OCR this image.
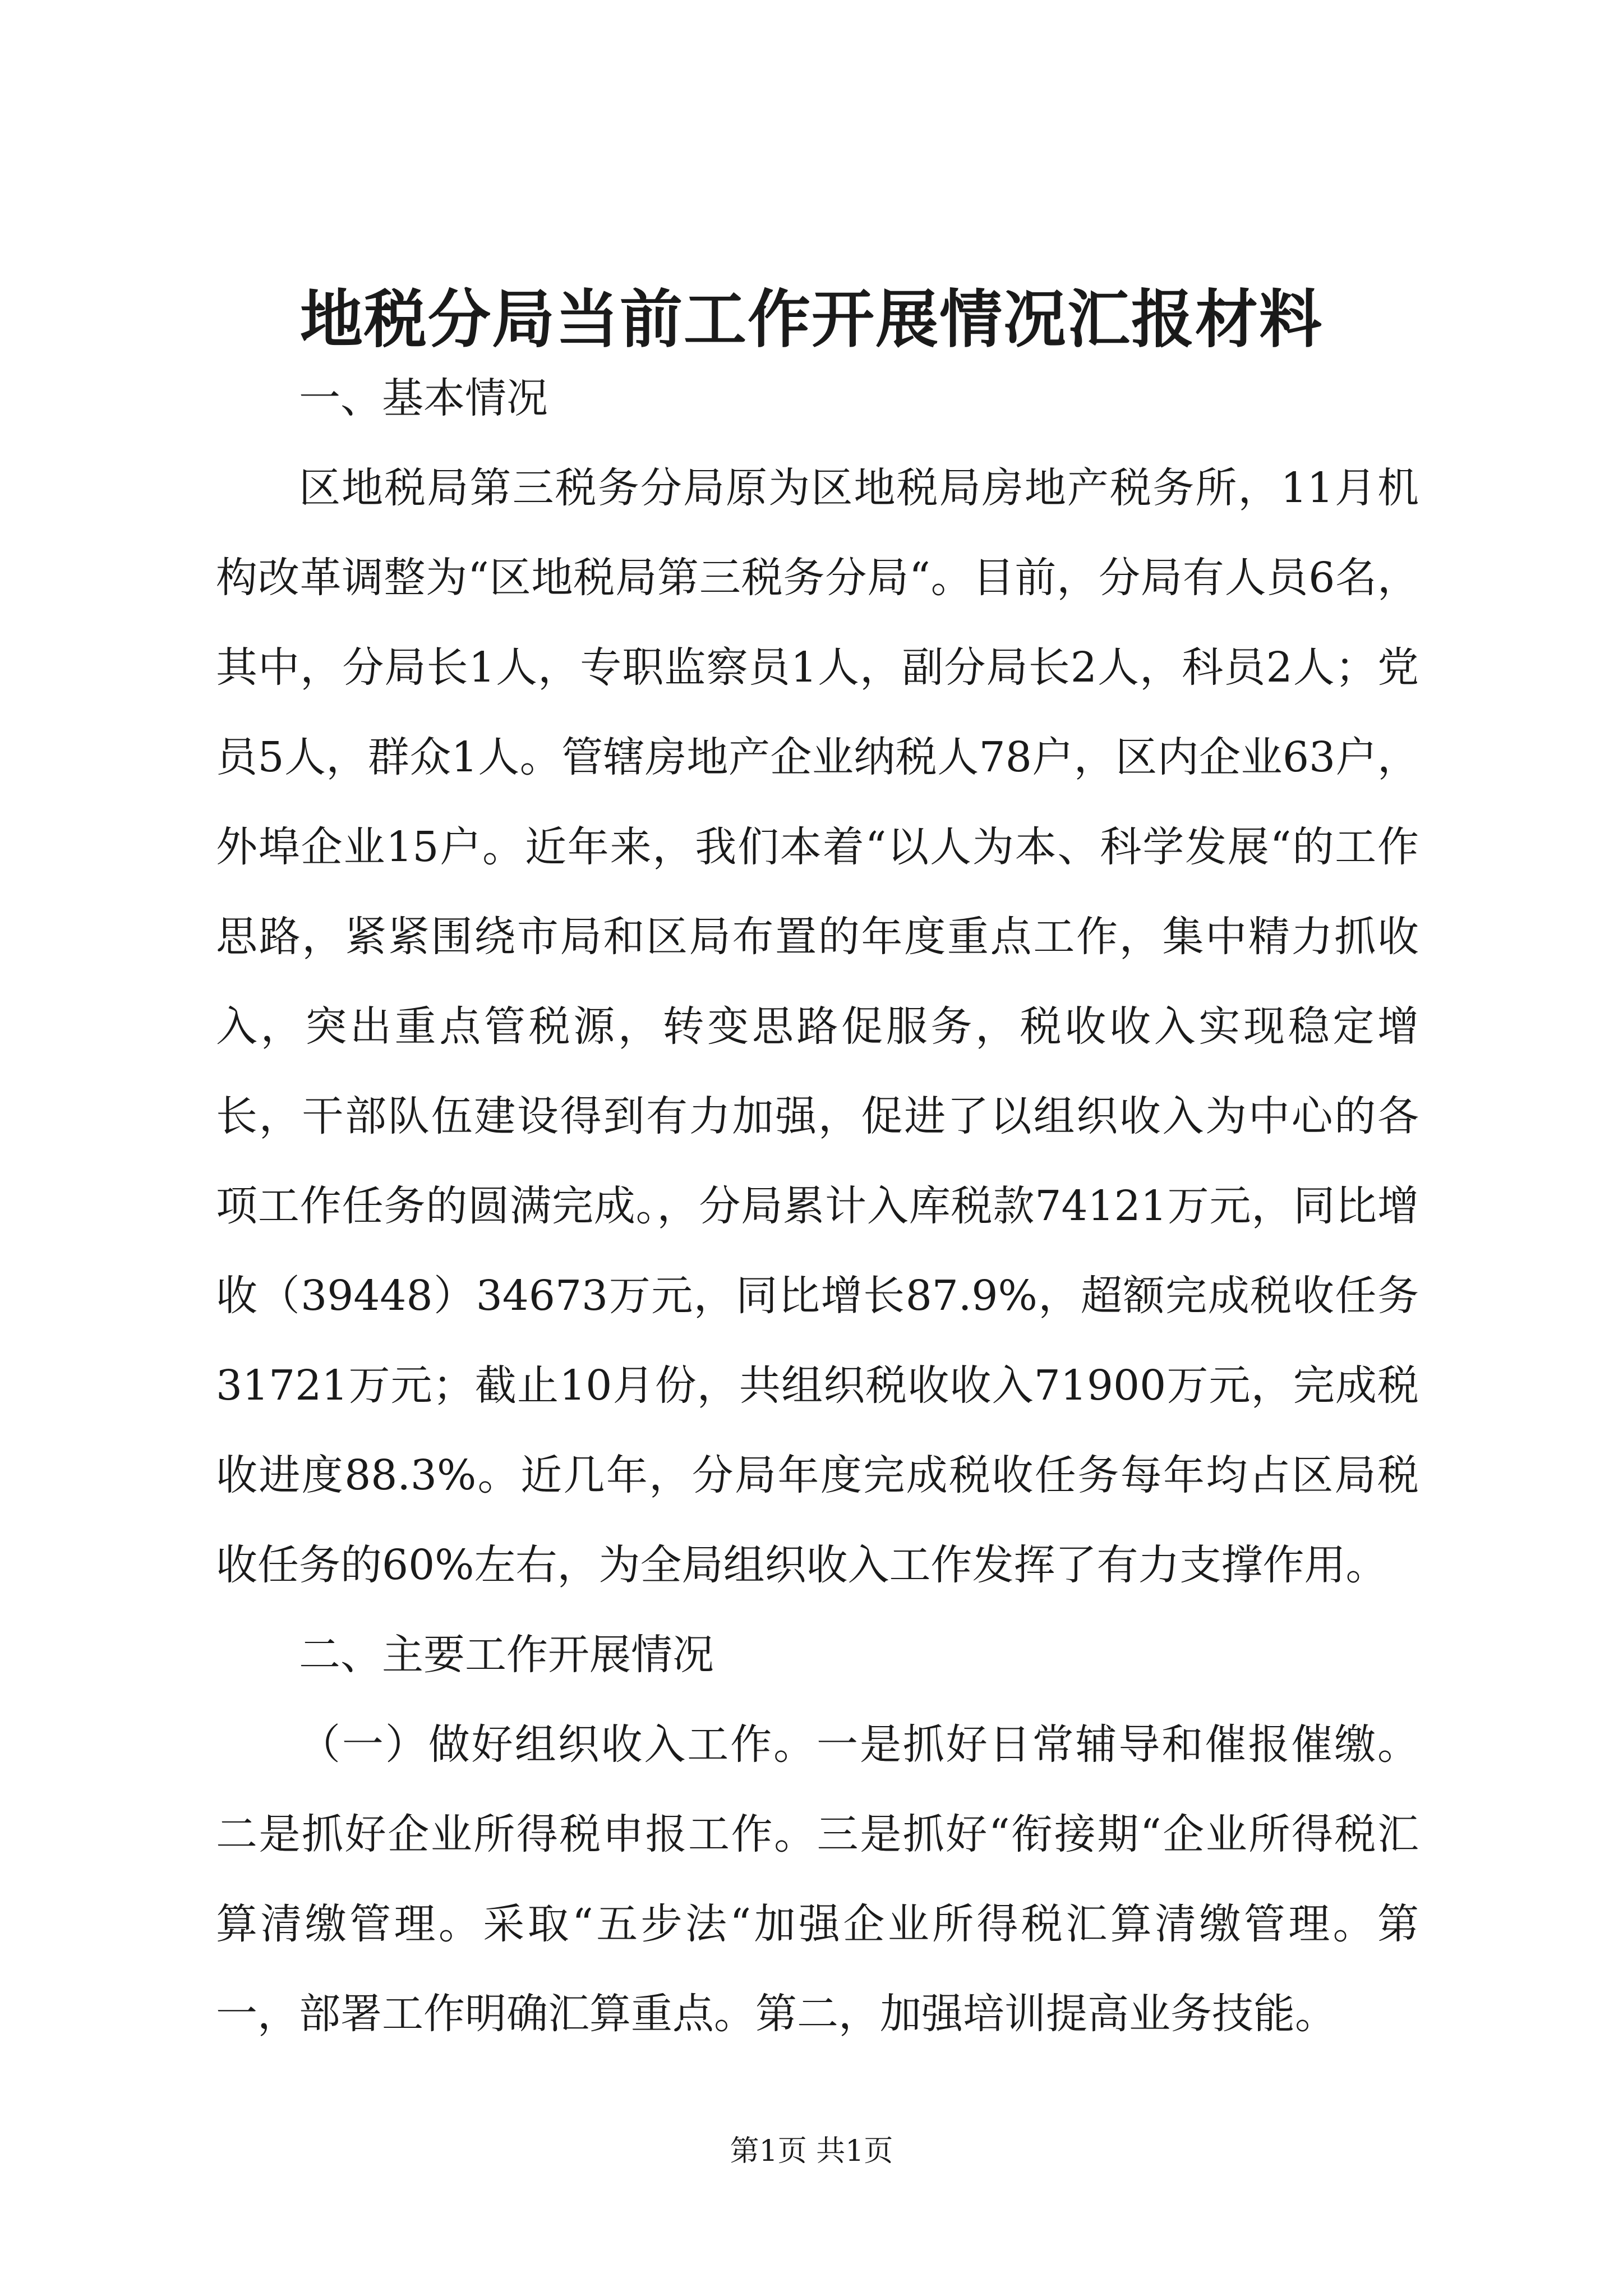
地税分局当前工作开展情况汇报材料

一、基本情况

区地税局第三税务分局原为区地税局房地产税务所，11月机构改革调整为“区地税局第三税务分局“。目前，分局有人员6名，其中，分局长1人，专职监察员1人，副分局长2人，科员2人；党员5人，群众1人。管辖房地产企业纳税人78户，区内企业63户，外埠企业15户。近年来，我们本着“以人为本、科学发展“的工作思路，紧紧围绕市局和区局布置的年度重点工作，集中精力抓收入，突出重点管税源，转变思路促服务，税收收入实现稳定增长，干部队伍建设得到有力加强，促进了以组织收入为中心的各项工作任务的圆满完成。，分局累计入库税款74121万元，同比增收（39448）34673万元，同比增长87.9%，超额完成税收任务31721万元；截止10月份，共组织税收收入71900万元，完成税收进度88.3%。近几年，分局年度完成税收任务每年均占区局税收任务的60%左右，为全局组织收入工作发挥了有力支撑作用。

二、主要工作开展情况

（一）做好组织收入工作。一是抓好日常辅导和催报催缴。二是抓好企业所得税申报工作。三是抓好“衔接期“企业所得税汇算清缴管理。采取“五步法“加强企业所得税汇算清缴管理。第一，部署工作明确汇算重点。第二，加强培训提高业务技能。

第1页 共1页
